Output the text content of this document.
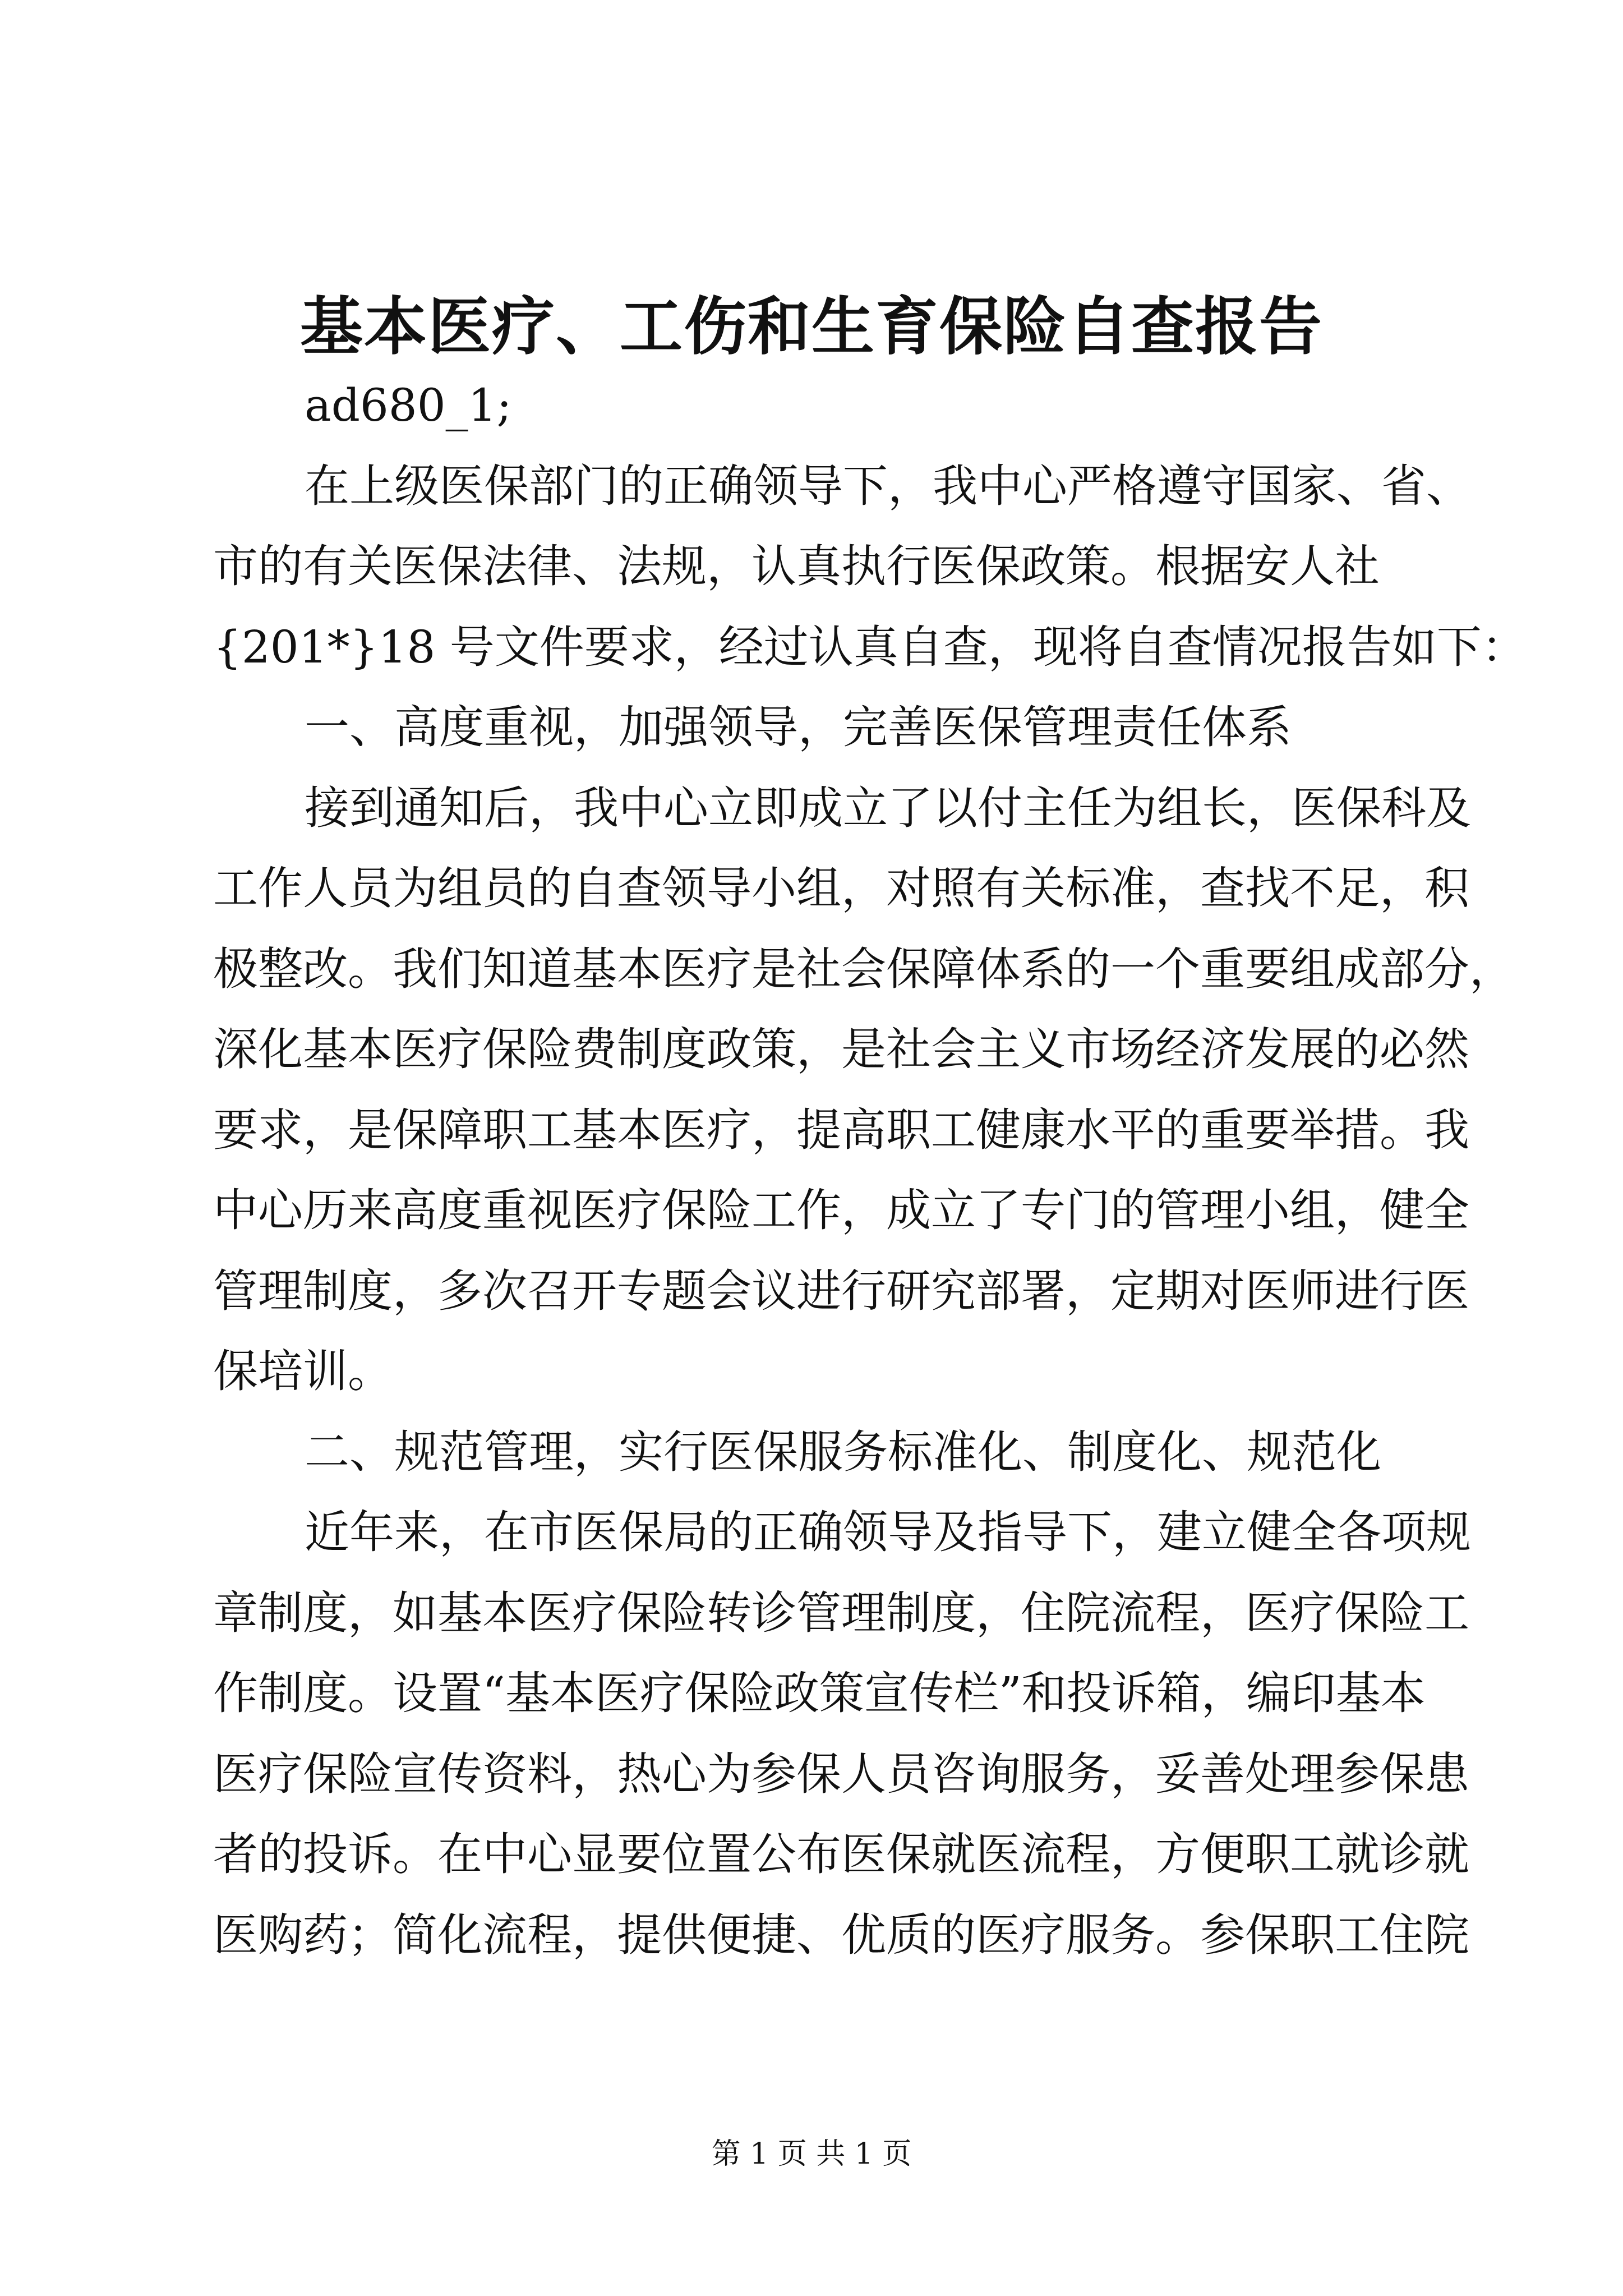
基本医疗、工伤和生育保险自查报告
ad680_1;
在上级医保部门的正确领导下，我中心严格遵守国家、省、
市的有关医保法律、法规，认真执行医保政策。根据安人社
{201*}18 号文件要求，经过认真自查，现将自查情况报告如下：
一、高度重视，加强领导，完善医保管理责任体系
接到通知后，我中心立即成立了以付主任为组长，医保科及
工作人员为组员的自查领导小组，对照有关标准，查找不足，积
极整改。我们知道基本医疗是社会保障体系的一个重要组成部分，
深化基本医疗保险费制度政策，是社会主义市场经济发展的必然
要求，是保障职工基本医疗，提高职工健康水平的重要举措。我
中心历来高度重视医疗保险工作，成立了专门的管理小组，健全
管理制度，多次召开专题会议进行研究部署，定期对医师进行医
保培训。
二、规范管理，实行医保服务标准化、制度化、规范化
近年来，在市医保局的正确领导及指导下，建立健全各项规
章制度，如基本医疗保险转诊管理制度，住院流程，医疗保险工
作制度。设置“基本医疗保险政策宣传栏”和投诉箱，编印基本
医疗保险宣传资料，热心为参保人员咨询服务，妥善处理参保患
者的投诉。在中心显要位置公布医保就医流程，方便职工就诊就
医购药；简化流程，提供便捷、优质的医疗服务。参保职工住院
第 1 页 共 1 页
